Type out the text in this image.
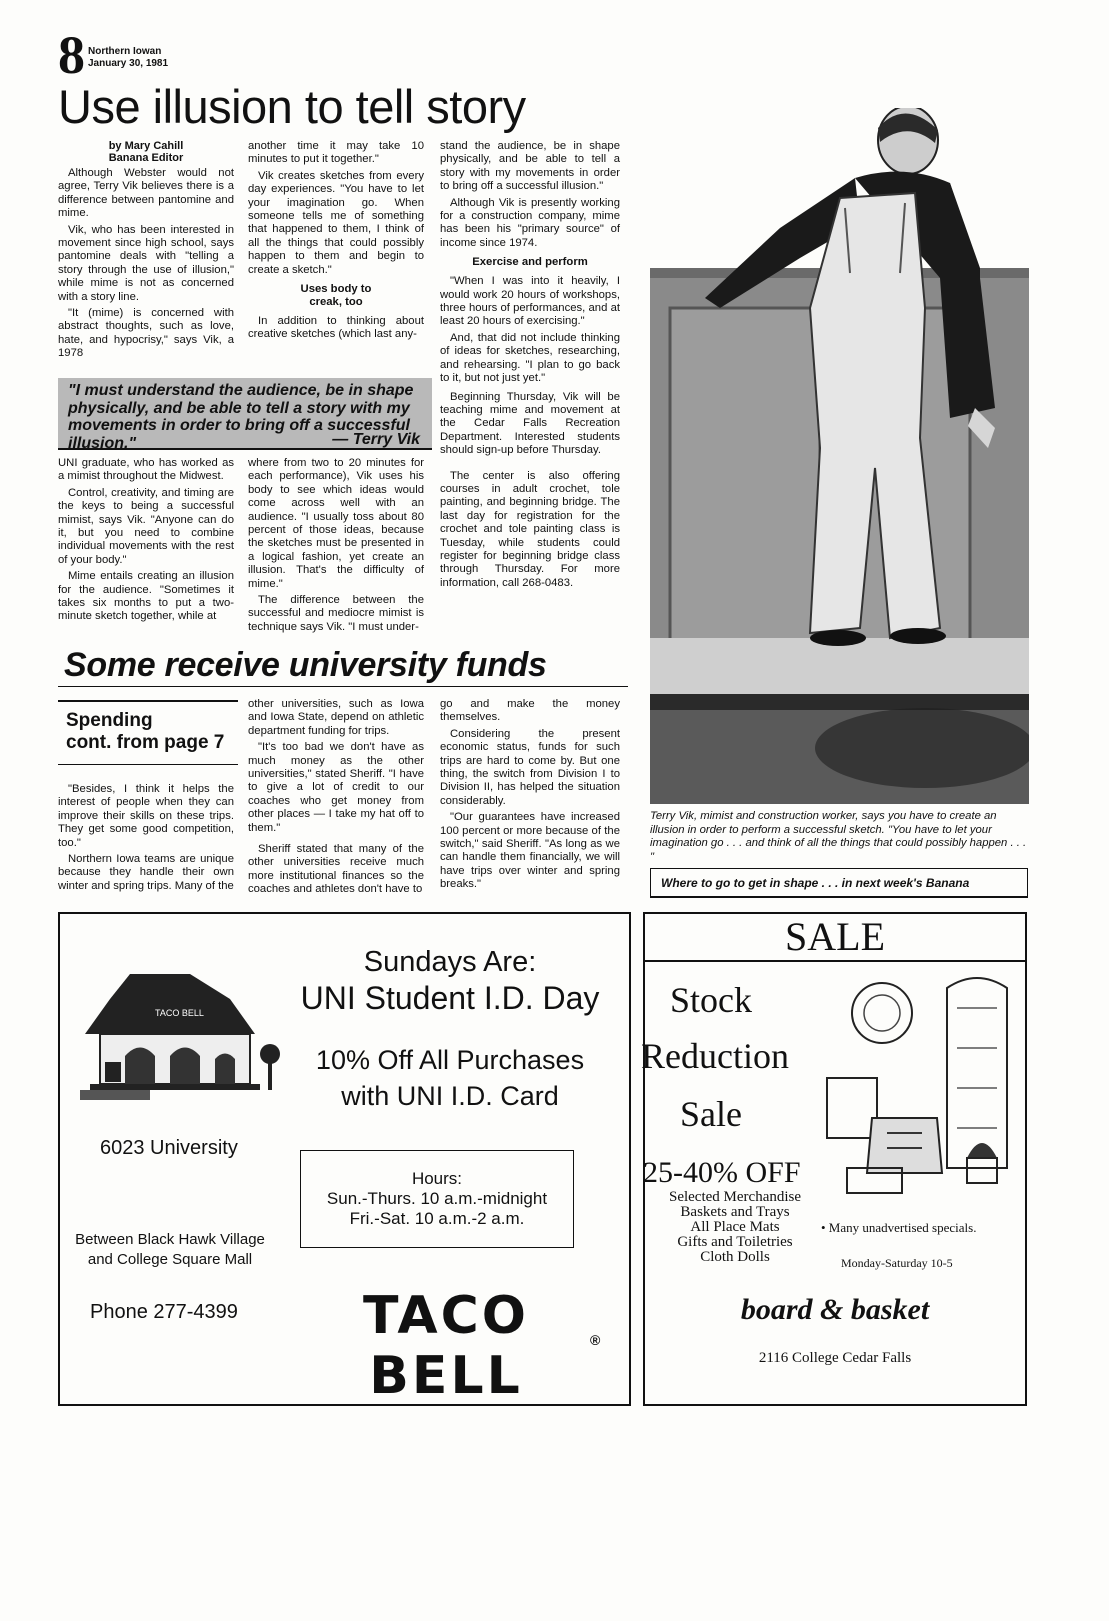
8 Northern Iowan
January 30, 1981
Use illusion to tell story
by Mary Cahill
Banana Editor

Although Webster would not agree, Terry Vik believes there is a difference between pantomine and mime.

Vik, who has been interested in movement since high school, says pantomine deals with "telling a story through the use of illusion," while mime is not as concerned with a story line.

"It (mime) is concerned with abstract thoughts, such as love, hate, and hypocrisy," says Vik, a 1978

another time it may take 10 minutes to put it together."

Vik creates sketches from every day experiences. "You have to let your imagination go. When someone tells me of something that happened to them, I think of all the things that could possibly happen to them and begin to create a sketch."

Uses body to
creak, too

In addition to thinking about creative sketches (which last any-

"I must understand the audience, be in shape physically, and be able to tell a story with my movements in order to bring off a successful illusion."	— Terry Vik

UNI graduate, who has worked as a mimist throughout the Midwest.

Control, creativity, and timing are the keys to being a successful mimist, says Vik. "Anyone can do it, but you need to combine individual movements with the rest of your body."

Mime entails creating an illusion for the audience. "Sometimes it takes six months to put a two-minute sketch together, while at

where from two to 20 minutes for each performance), Vik uses his body to see which ideas would come across well with an audience. "I usually toss about 80 percent of those ideas, because the sketches must be presented in a logical fashion, yet create an illusion. That's the difficulty of mime."

The difference between the successful and mediocre mimist is technique says Vik. "I must under-

stand the audience, be in shape physically, and be able to tell a story with my movements in order to bring off a successful illusion."

Although Vik is presently working for a construction company, mime has been his "primary source" of income since 1974.

Exercise and perform

"When I was into it heavily, I would work 20 hours of workshops, three hours of performances, and at least 20 hours of exercising."

And, that did not include thinking of ideas for sketches, researching, and rehearsing. "I plan to go back to it, but not just yet."

Beginning Thursday, Vik will be teaching mime and movement at the Cedar Falls Recreation Department. Interested students should sign-up before Thursday.

The center is also offering courses in adult crochet, tole painting, and beginning bridge. The last day for registration for the crochet and tole painting class is Tuesday, while students could register for beginning bridge class through Thursday. For more information, call 268-0483.

Terry Vik, mimist and construction worker, says you have to create an illusion in order to perform a successful sketch. "You have to let your imagination go . . . and think of all the things that could possibly happen . . . "
Where to go to get in shape . . . in next week's Banana
Some receive university funds
Spending
cont. from page 7

"Besides, I think it helps the interest of people when they can improve their skills on these trips. They get some good competition, too."

Northern Iowa teams are unique because they handle their own winter and spring trips. Many of the

other universities, such as Iowa and Iowa State, depend on athletic department funding for trips.

"It's too bad we don't have as much money as the other universities," stated Sheriff. "I have to give a lot of credit to our coaches who get money from other places — I take my hat off to them."

Sheriff stated that many of the other universities receive much more institutional finances so the coaches and athletes don't have to

go and make the money themselves.

Considering the present economic status, funds for such trips are hard to come by. But one thing, the switch from Division I to Division II, has helped the situation considerably.

"Our guarantees have increased 100 percent or more because of the switch," said Sheriff. "As long as we can handle them financially, we will have trips over winter and spring breaks."

TACO BELL
6023 University
Between Black Hawk Village
and College Square Mall
Phone 277-4399
Sundays Are:
UNI Student I.D. Day
10% Off All Purchases
with UNI I.D. Card
Hours:
Sun.-Thurs. 10 a.m.-midnight
Fri.-Sat. 10 a.m.-2 a.m.
TACO BELL
®
SALE
Stock
Reduction
Sale
25-40% OFF
Selected Merchandise
Baskets and Trays
All Place Mats
Gifts and Toiletries
Cloth Dolls
• Many unadvertised specials.
Monday-Saturday 10-5
board & basket
2116 College Cedar Falls
